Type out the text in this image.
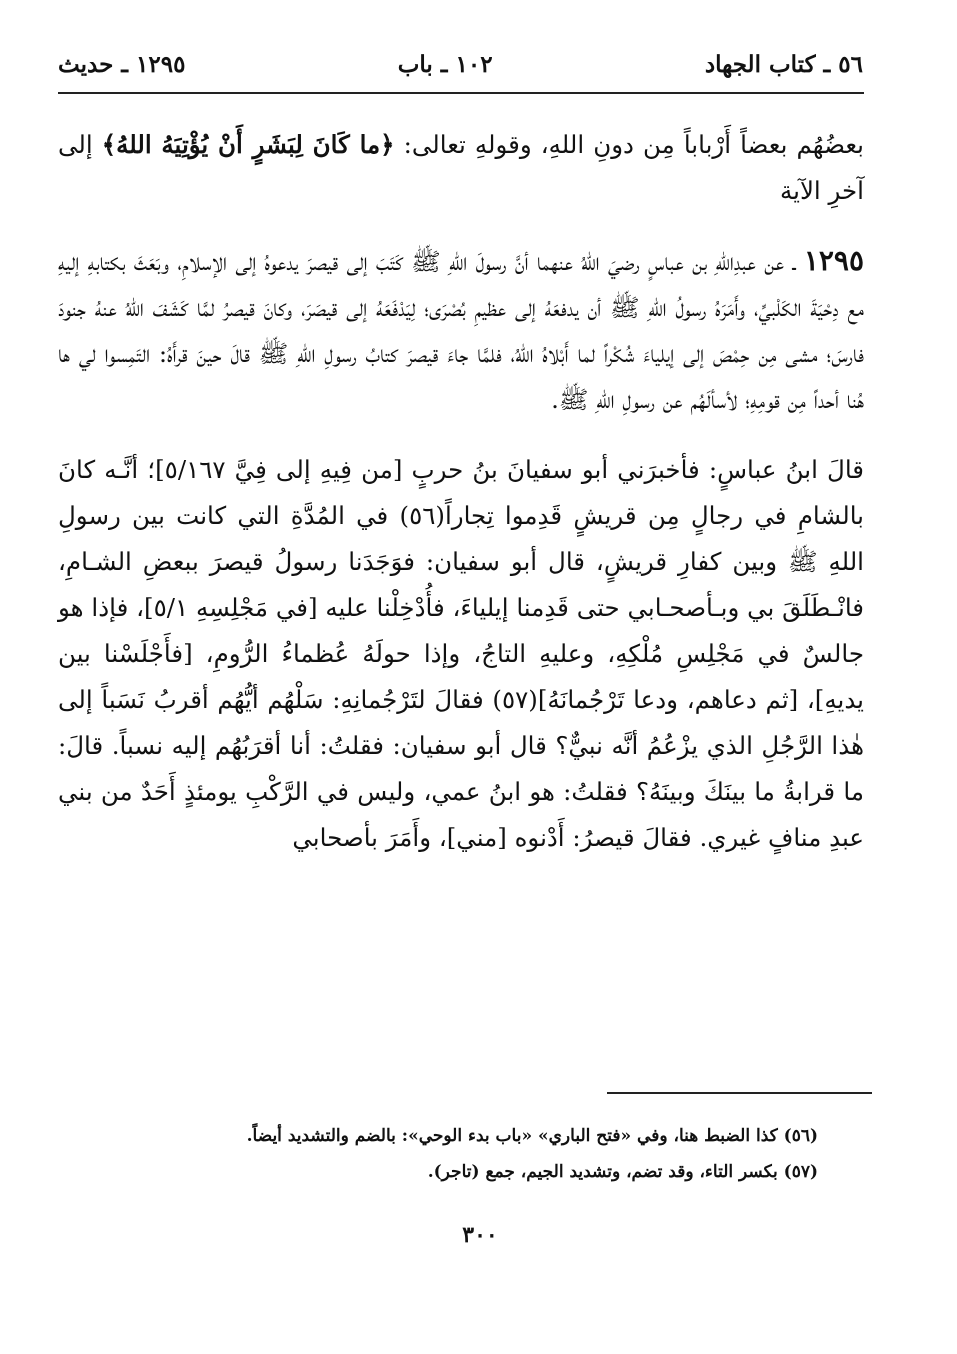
٥٦ ـ كتاب الجهاد
١٠٢ ـ باب
١٢٩٥ ـ حديث

بعضُهُم بعضاً أَرْباباً مِن دونِ اللهِ، وقولهِ تعالى: ﴿ما كَانَ لِبَشَرٍ أَنْ يُؤْتِيَهُ اللهُ﴾ إلى آخرِ الآية

١٢٩٥ ـ عن عبدِاللهِ بن عباسٍ رضيَ اللهُ عنهما أنَّ رسولَ اللهِ ﷺ كَتَبَ إلى قيصرَ يدعوهُ إلى الإسلامِ، وبَعَثَ بكتابهِ إليهِ مع دِحْيَةَ الكَلْبيِّ، وأَمَرَهُ رسولُ اللهِ ﷺ أن يدفعَهُ إلى عظيمِ بُصْرَى؛ لِيَدْفَعَهُ إلى قيصَرَ، وكانَ قيصرُ لمَّا كَشَفَ اللهُ عنهُ جنودَ فارسَ؛ مشى مِن حِمْصَ إلى إيلياءَ شُكْراً لما أَبْلاهُ اللهُ، فلمَّا جاءَ قيصرَ كتابُ رسولِ اللهِ ﷺ قالَ حينَ قرأَهُ: التَمِسوا لي ها هُنا أحداً مِن قومِهِ؛ لأسألَهُم عن رسولِ اللهِ ﷺ.

قالَ ابنُ عباسٍ: فأخبرَني أبو سفيانَ بنُ حربٍ [من فِيهِ إلى فِيَّ ٥/١٦٧]؛ أنَّـه كانَ بالشامِ في رجالٍ مِن قريشٍ قَدِموا تِجاراً(٥٦) في المُدَّةِ التي كانت بين رسولِ اللهِ ﷺ وبين كفارِ قريشٍ، قال أبو سفيان: فوَجَدَنا رسولُ قيصرَ ببعضِ الشـامِ، فانْـطَلَقَ بي وبـأصحـابي حتى قَدِمنا إيلياءَ، فأُدْخِلْنا عليه [في مَجْلِسِهِ ٥/١]، فإذا هو جالسٌ في مَجْلِسِ مُلْكِهِ، وعليهِ التاجُ، وإذا حولَهُ عُظماءُ الرُّومِ، [فأَجْلَسْنا بين يديهِ]، [ثم دعاهم، ودعا تَرْجُمانَهُ](٥٧) فقالَ لتَرْجُمانِهِ: سَلْهُم أيُّهُم أقربُ نَسَباً إلى هٰذا الرَّجُلِ الذي يزْعُمُ أنَّه نبيٌّ؟ قال أبو سفيان: فقلتُ: أنا أقرَبُهُم إليه نسباً. قالَ: ما قرابةُ ما بينَكَ وبينَهُ؟ فقلتُ: هو ابنُ عمي، وليس في الرَّكْبِ يومئذٍ أَحَدٌ من بني عبدِ منافٍ غيري. فقالَ قيصرُ: أَدْنوه [مني]، وأَمَرَ بأصحابي

(٥٦) كذا الضبط هنا، وفي «فتح الباري» «باب بدء الوحي»: بالضم والتشديد أيضاً.
(٥٧) بكسر التاء، وقد تضم، وتشديد الجيم، جمع (تاجر).
٣٠٠
